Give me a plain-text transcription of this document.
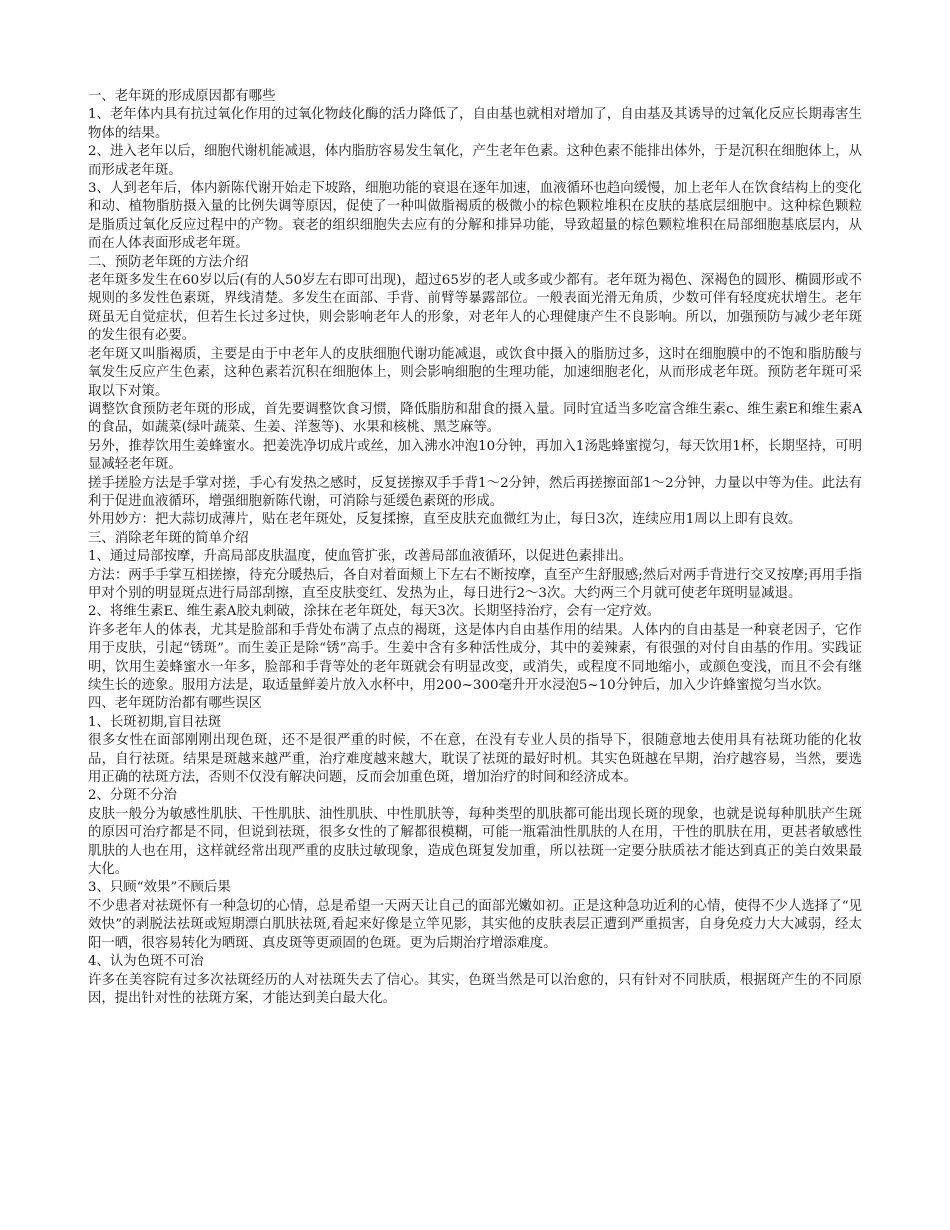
一、老年斑的形成原因都有哪些

1、老年体内具有抗过氧化作用的过氧化物歧化酶的活力降低了，自由基也就相对增加了，自由基及其诱导的过氧化反应长期毒害生物体的结果。

2、进入老年以后，细胞代谢机能减退，体内脂肪容易发生氧化，产生老年色素。这种色素不能排出体外，于是沉积在细胞体上，从而形成老年斑。

3、人到老年后，体内新陈代谢开始走下坡路，细胞功能的衰退在逐年加速，血液循环也趋向缓慢，加上老年人在饮食结构上的变化和动、植物脂肪摄入量的比例失调等原因，促使了一种叫做脂褐质的极微小的棕色颗粒堆积在皮肤的基底层细胞中。这种棕色颗粒是脂质过氧化反应过程中的产物。衰老的组织细胞失去应有的分解和排异功能，导致超量的棕色颗粒堆积在局部细胞基底层内，从而在人体表面形成老年斑。

二、预防老年斑的方法介绍

老年斑多发生在60岁以后(有的人50岁左右即可出现)，超过65岁的老人或多或少都有。老年斑为褐色、深褐色的圆形、椭圆形或不规则的多发性色素斑，界线清楚。多发生在面部、手背、前臂等暴露部位。一般表面光滑无角质，少数可伴有轻度疣状增生。老年斑虽无自觉症状，但若生长过多过快，则会影响老年人的形象，对老年人的心理健康产生不良影响。所以，加强预防与减少老年斑的发生很有必要。

老年斑又叫脂褐质，主要是由于中老年人的皮肤细胞代谢功能减退，或饮食中摄入的脂肪过多，这时在细胞膜中的不饱和脂肪酸与氧发生反应产生色素，这种色素若沉积在细胞体上，则会影响细胞的生理功能，加速细胞老化，从而形成老年斑。预防老年斑可采取以下对策。

调整饮食预防老年斑的形成，首先要调整饮食习惯，降低脂肪和甜食的摄入量。同时宜适当多吃富含维生素c、维生素E和维生素A的食品，如蔬菜(绿叶蔬菜、生姜、洋葱等)、水果和核桃、黑芝麻等。

另外，推荐饮用生姜蜂蜜水。把姜洗净切成片或丝，加入沸水冲泡10分钟，再加入1汤匙蜂蜜搅匀，每天饮用1杯，长期坚持，可明显减轻老年斑。

搓手搓脸方法是手掌对搓，手心有发热之感时，反复搓擦双手手背1～2分钟，然后再搓擦面部1～2分钟，力量以中等为佳。此法有利于促进血液循环，增强细胞新陈代谢，可消除与延缓色素斑的形成。

外用妙方：把大蒜切成薄片，贴在老年斑处，反复揉擦，直至皮肤充血微红为止，每日3次，连续应用1周以上即有良效。

三、消除老年斑的简单介绍

1、通过局部按摩，升高局部皮肤温度，使血管扩张，改善局部血液循环，以促进色素排出。

方法：两手手掌互相搓擦，待充分暖热后，各自对着面颊上下左右不断按摩，直至产生舒服感;然后对两手背进行交叉按摩;再用手指甲对个别的明显斑点进行局部刮擦，直至皮肤变红、发热为止，每日进行2～3次。大约两三个月就可使老年斑明显减退。

2、将维生素E、维生素A胶丸刺破，涂抹在老年斑处，每天3次。长期坚持治疗，会有一定疗效。

许多老年人的体表，尤其是脸部和手背处布满了点点的褐斑，这是体内自由基作用的结果。人体内的自由基是一种衰老因子，它作用于皮肤，引起“锈斑”。而生姜正是除“锈”高手。生姜中含有多种活性成分，其中的姜辣素，有很强的对付自由基的作用。实践证明，饮用生姜蜂蜜水一年多，脸部和手背等处的老年斑就会有明显改变，或消失，或程度不同地缩小，或颜色变浅，而且不会有继续生长的迹象。服用方法是，取适量鲜姜片放入水杯中，用200~300毫升开水浸泡5~10分钟后，加入少许蜂蜜搅匀当水饮。

四、老年斑防治都有哪些误区

1、长斑初期,盲目祛斑

很多女性在面部刚刚出现色斑，还不是很严重的时候，不在意，在没有专业人员的指导下，很随意地去使用具有祛斑功能的化妆品，自行祛斑。结果是斑越来越严重，治疗难度越来越大，耽误了祛斑的最好时机。其实色斑越在早期，治疗越容易，当然，要选用正确的祛斑方法，否则不仅没有解决问题，反而会加重色斑，增加治疗的时间和经济成本。

2、分斑不分治

皮肤一般分为敏感性肌肤、干性肌肤、油性肌肤、中性肌肤等，每种类型的肌肤都可能出现长斑的现象，也就是说每种肌肤产生斑的原因可治疗都是不同，但说到祛斑，很多女性的了解都很模糊，可能一瓶霜油性肌肤的人在用，干性的肌肤在用，更甚者敏感性肌肤的人也在用，这样就经常出现严重的皮肤过敏现象，造成色斑复发加重，所以祛斑一定要分肤质祛才能达到真正的美白效果最大化。

3、只顾“效果”不顾后果

不少患者对祛斑怀有一种急切的心情，总是希望一天两天让自己的面部光嫩如初。正是这种急功近利的心情，使得不少人选择了“见效快”的剥脱法祛斑或短期漂白肌肤祛斑,看起来好像是立竿见影，其实他的皮肤表层正遭到严重损害，自身免疫力大大减弱，经太阳一晒，很容易转化为晒斑、真皮斑等更顽固的色斑。更为后期治疗增添难度。

4、认为色斑不可治

许多在美容院有过多次祛斑经历的人对祛斑失去了信心。其实，色斑当然是可以治愈的，只有针对不同肤质，根据斑产生的不同原因，提出针对性的祛斑方案，才能达到美白最大化。
